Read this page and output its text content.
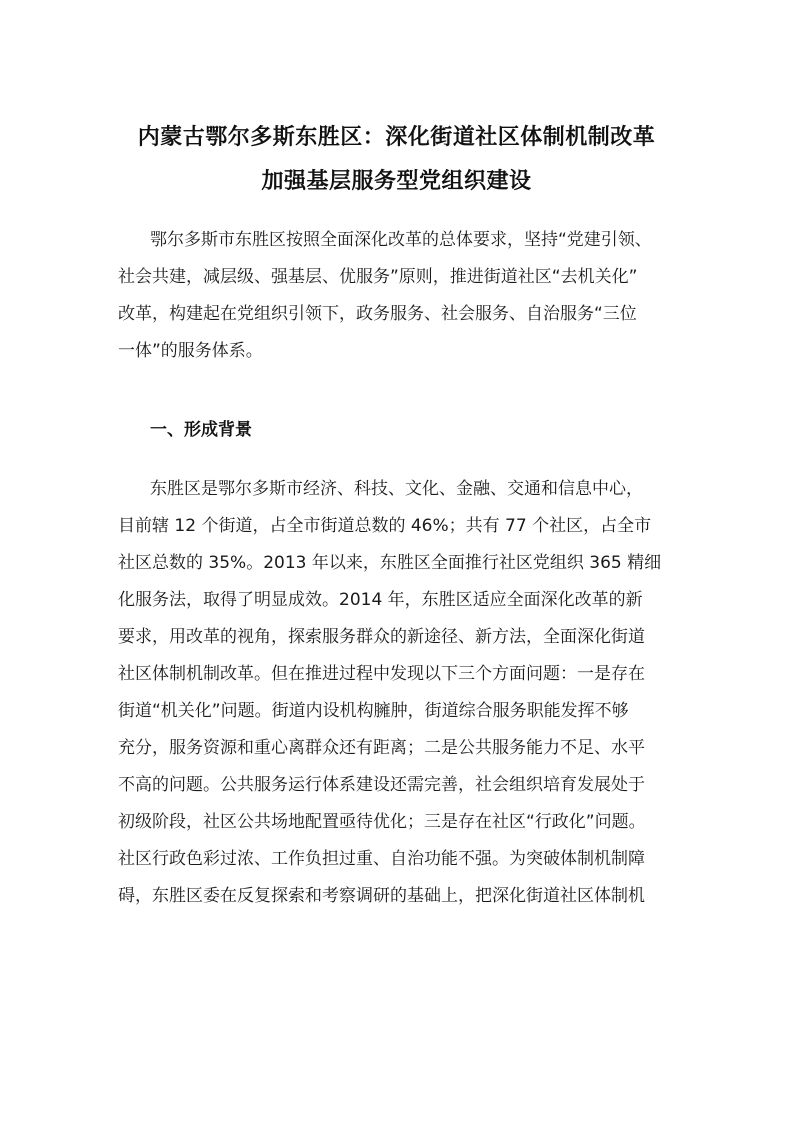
内蒙古鄂尔多斯东胜区：深化街道社区体制机制改革
加强基层服务型党组织建设
鄂尔多斯市东胜区按照全面深化改革的总体要求，坚持“党建引领、
社会共建，减层级、强基层、优服务”原则，推进街道社区“去机关化”
改革，构建起在党组织引领下，政务服务、社会服务、自治服务“三位
一体”的服务体系。
一、形成背景
东胜区是鄂尔多斯市经济、科技、文化、金融、交通和信息中心，
目前辖 12 个街道，占全市街道总数的 46%；共有 77 个社区，占全市
社区总数的 35%。2013 年以来，东胜区全面推行社区党组织 365 精细
化服务法，取得了明显成效。2014 年，东胜区适应全面深化改革的新
要求，用改革的视角，探索服务群众的新途径、新方法，全面深化街道
社区体制机制改革。但在推进过程中发现以下三个方面问题：一是存在
街道“机关化”问题。街道内设机构臃肿，街道综合服务职能发挥不够
充分，服务资源和重心离群众还有距离；二是公共服务能力不足、水平
不高的问题。公共服务运行体系建设还需完善，社会组织培育发展处于
初级阶段，社区公共场地配置亟待优化；三是存在社区“行政化”问题。
社区行政色彩过浓、工作负担过重、自治功能不强。为突破体制机制障
碍，东胜区委在反复探索和考察调研的基础上，把深化街道社区体制机
